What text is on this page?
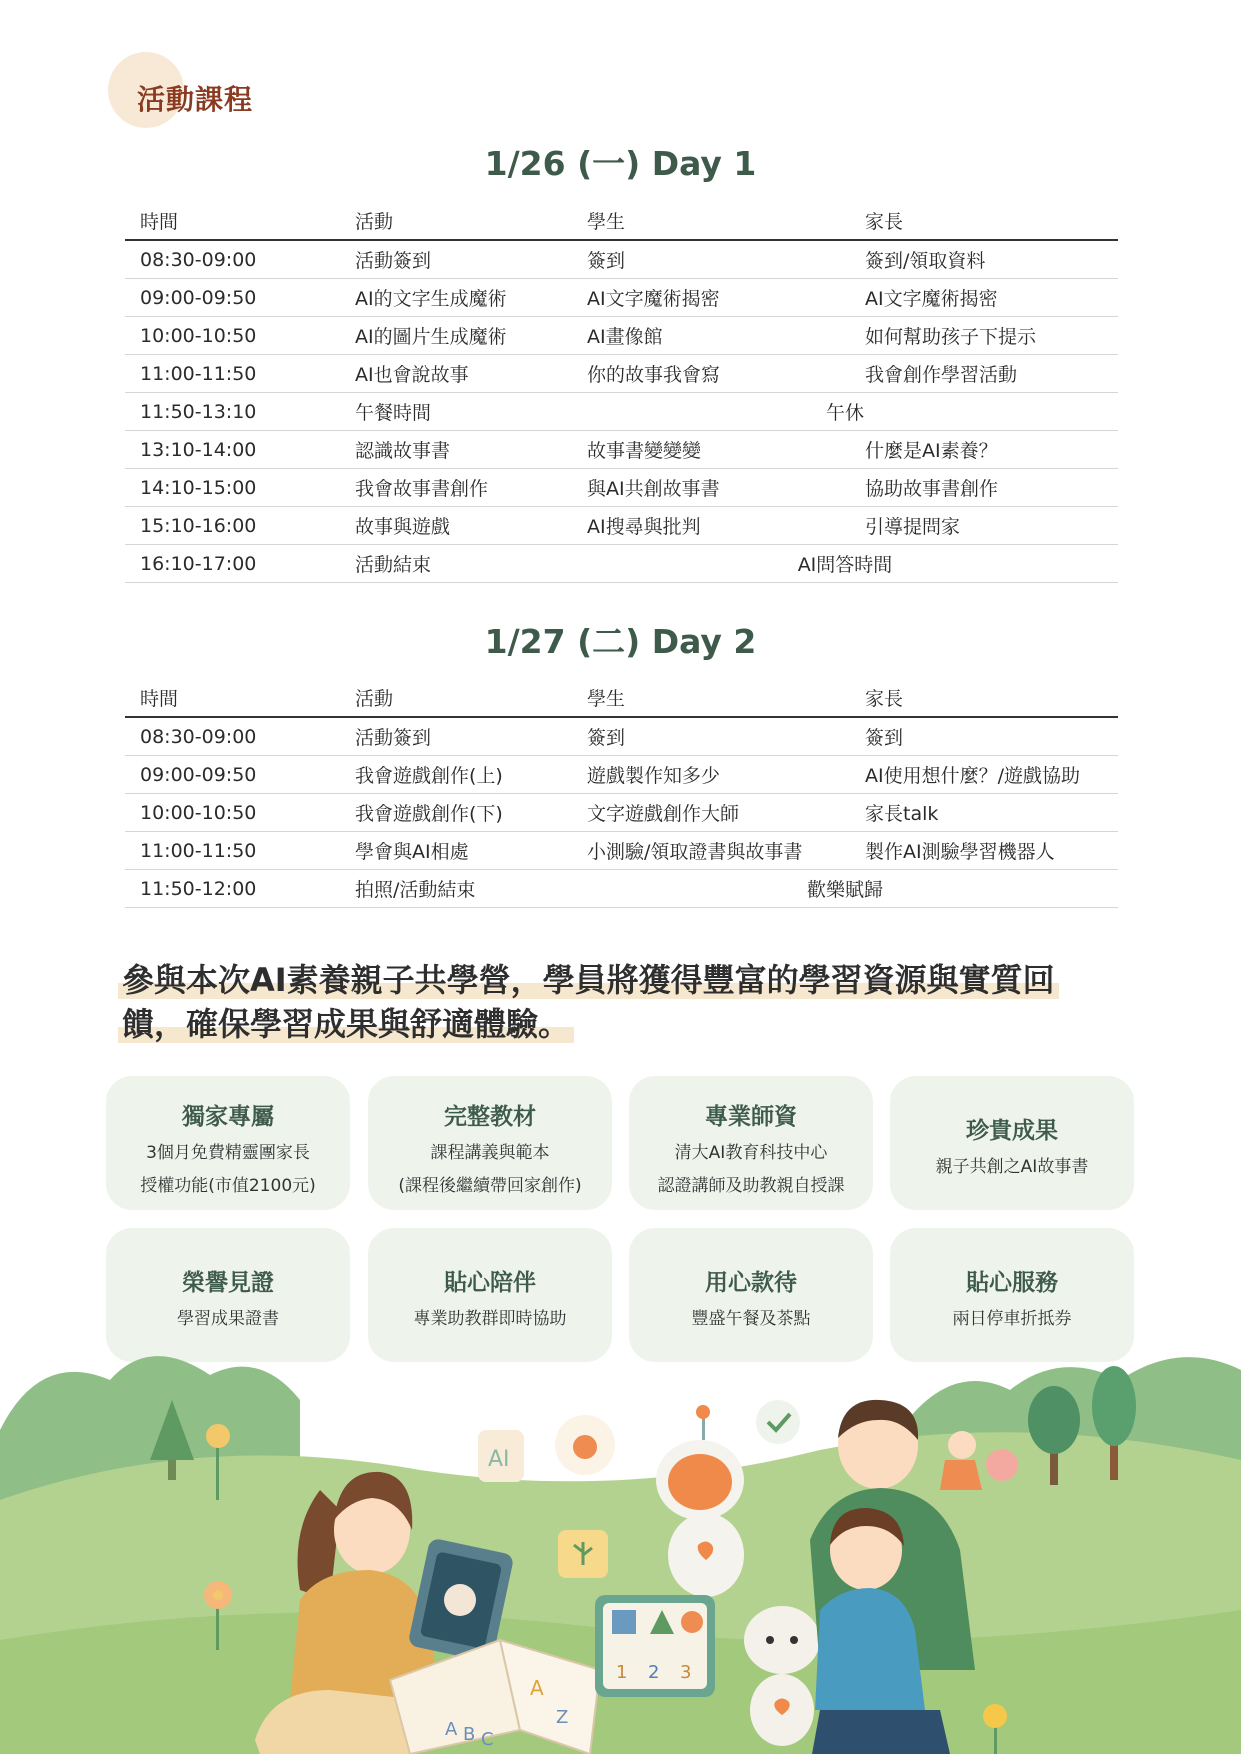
活動課程
1/26 (一) Day 1
時間	活動	學生	家長
08:30-09:00	活動簽到	簽到	簽到/領取資料
09:00-09:50	AI的文字生成魔術	AI文字魔術揭密	AI文字魔術揭密
10:00-10:50	AI的圖片生成魔術	AI畫像館	如何幫助孩子下提示
11:00-11:50	AI也會說故事	你的故事我會寫	我會創作學習活動
11:50-13:10	午餐時間	午休	
13:10-14:00	認識故事書	故事書變變變	什麼是AI素養？
14:10-15:00	我會故事書創作	與AI共創故事書	協助故事書創作
15:10-16:00	故事與遊戲	AI搜尋與批判	引導提問家
16:10-17:00	活動結束	AI問答時間	
1/27 (二) Day 2
時間	活動	學生	家長
08:30-09:00	活動簽到	簽到	簽到
09:00-09:50	我會遊戲創作(上)	遊戲製作知多少	AI使用想什麼？/遊戲協助
10:00-10:50	我會遊戲創作(下)	文字遊戲創作大師	家長talk
11:00-11:50	學會與AI相處	小測驗/領取證書與故事書	製作AI測驗學習機器人
11:50-12:00	拍照/活動結束	歡樂賦歸	
參與本次AI素養親子共學營，學員將獲得豐富的學習資源與實質回
饋，確保學習成果與舒適體驗。
獨家專屬
3個月免費精靈團家長
授權功能(市值2100元)
完整教材
課程講義與範本
(課程後繼續帶回家創作)
專業師資
清大AI教育科技中心
認證講師及助教親自授課
珍貴成果
親子共創之AI故事書
榮譽見證
學習成果證書
貼心陪伴
專業助教群即時協助
用心款待
豐盛午餐及茶點
貼心服務
兩日停車折抵券
A B C
A
Z
AI
1 2 3
